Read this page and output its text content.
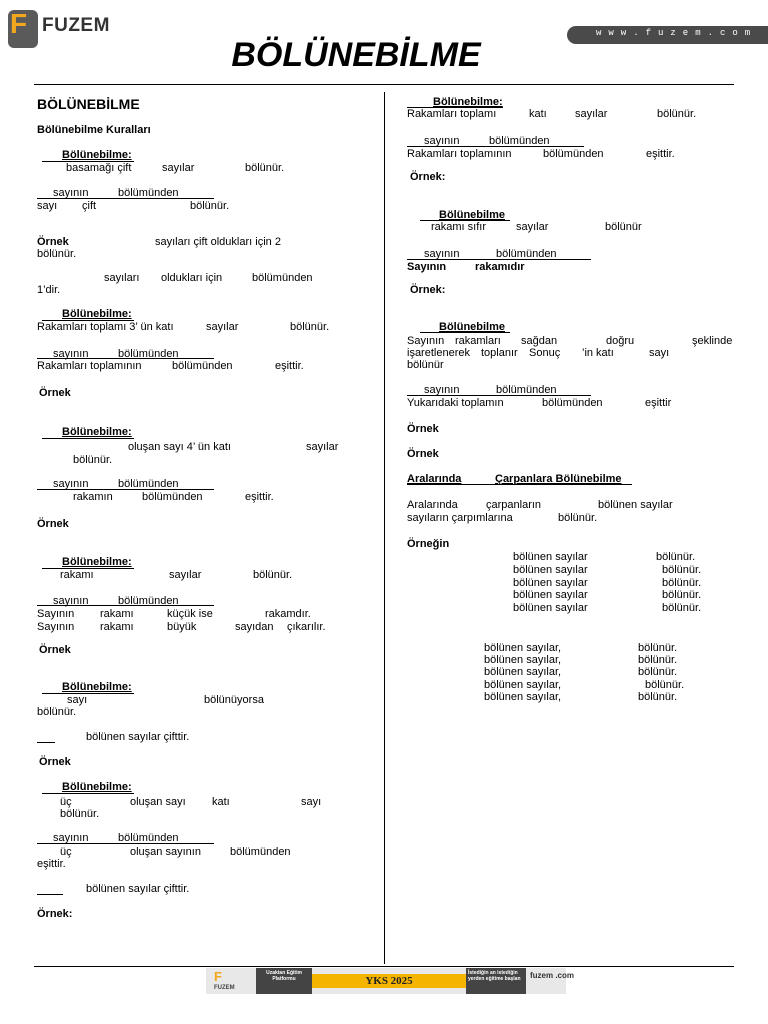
F FUZEM	www.fuzem.com
BÖLÜNEBİLME
BÖLÜNEBİLME
Bölünebilme Kuralları
Bölünebilme:
basamağı çift	sayılar	bölünür.
sayının	bölümünden
sayı çift	bölünür.
Örnek	sayıları çift oldukları için 2
bölünür.
sayıları oldukları için	bölümünden
1’dir.
Bölünebilme:
Rakamları toplamı 3’ ün katı	sayılar	bölünür.
sayının	bölümünden
Rakamları toplamının	bölümünden	eşittir.
Örnek
Bölünebilme:
oluşan sayı 4’ ün katı	sayılar
bölünür.
sayının	bölümünden
rakamın	bölümünden	eşittir.
Örnek
Bölünebilme:
rakamı	sayılar	bölünür.
sayının	bölümünden
Sayının rakamı	küçük ise	rakamdır.
Sayının rakamı	büyük	sayıdan çıkarılır.
Örnek
Bölünebilme:
sayı	bölünüyorsa
bölünür.
bölünen sayılar çifttir.
Örnek
Bölünebilme:
üç	oluşan sayı katı	sayı
bölünür.
sayının	bölümünden
üç	oluşan sayının	bölümünden
eşittir.
bölünen sayılar çifttir.
Örnek:
Bölünebilme:
Rakamları toplamı	katı	sayılar	bölünür.
sayının	bölümünden
Rakamları toplamının	bölümünden	eşittir.
Örnek:
Bölünebilme
rakamı sıfır	sayılar	bölünür
sayının	bölümünden
Sayının	rakamıdır
Örnek:
Bölünebilme
Sayının rakamları sağdan	doğru	şeklinde
işaretlenerek toplanır Sonuç ’in katı	sayı
bölünür
sayının	bölümünden
Yukarıdaki toplamın	bölümünden	eşittir
Örnek
Örnek
Aralarında	Çarpanlara Bölünebilme
Aralarında	çarpanların	bölünen sayılar
sayıların çarpımlarına	bölünür.
Örneğin
bölünen sayılar	bölünür.
bölünen sayılar	bölünür.
bölünen sayılar	bölünür.
bölünen sayılar	bölünür.
bölünen sayılar	bölünür.
bölünen sayılar,	bölünür.
bölünen sayılar,	bölünür.
bölünen sayılar,	bölünür.
bölünen sayılar,	bölünür.
bölünen sayılar,	bölünür.
F
FUZEM
Uzaktan Eğitim Platformu	YKS 2025
İstediğin an istediğin yerden eğitime başlan	fuzem .com
